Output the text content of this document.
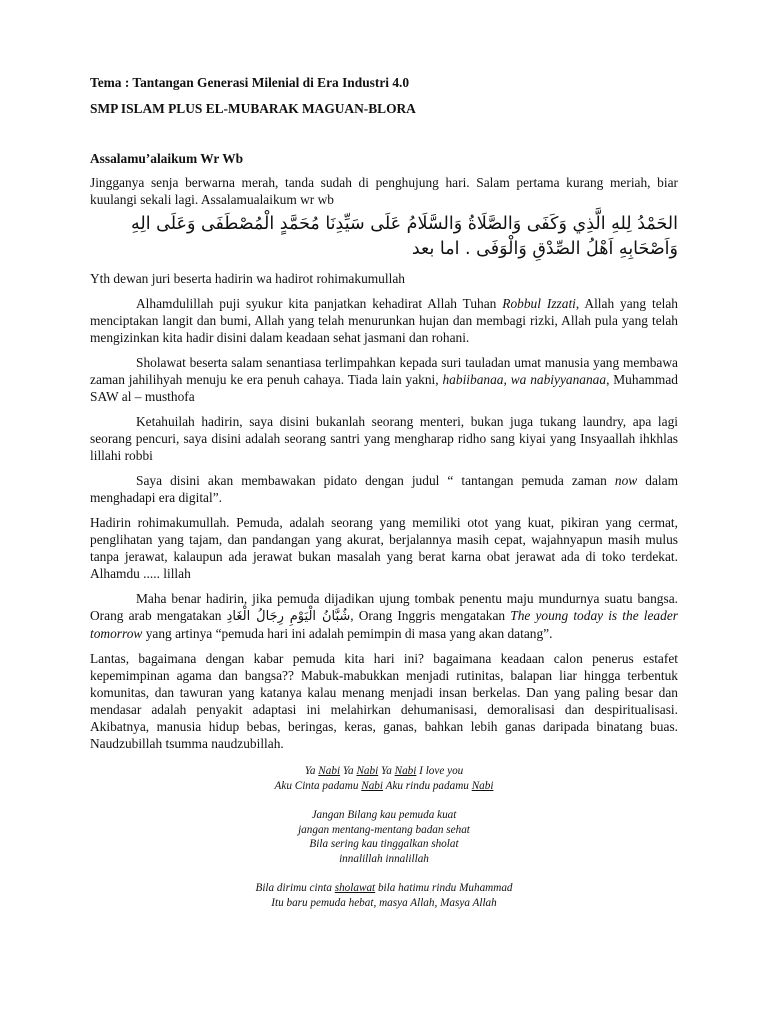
Tema : Tantangan Generasi Milenial di Era Industri 4.0

SMP ISLAM PLUS EL-MUBARAK MAGUAN-BLORA

Assalamu’alaikum Wr Wb

Jingganya senja berwarna merah, tanda sudah di penghujung hari. Salam pertama kurang meriah, biar kuulangi sekali lagi. Assalamualaikum wr wb

الحَمْدُ لِلهِ الَّذِي وَكَفَى وَالصَّلَاةُ وَالسَّلَامُ عَلَى سَيِّدِنَا مُحَمَّدٍ الْمُصْطَفَى وَعَلَى الِهِ وَاَصْحَابِهِ اَهْلُ الصِّدْقِ وَالْوَفَى . اما بعد

Yth dewan juri beserta hadirin wa hadirot rohimakumullah

Alhamdulillah puji syukur kita panjatkan kehadirat Allah Tuhan Robbul Izzati, Allah yang telah menciptakan langit dan bumi, Allah yang telah menurunkan hujan dan membagi rizki, Allah pula yang telah mengizinkan kita hadir disini dalam keadaan sehat jasmani dan rohani.

Sholawat beserta salam senantiasa terlimpahkan kepada suri tauladan umat manusia yang membawa zaman jahilihyah menuju ke era penuh cahaya. Tiada lain yakni, habiibanaa, wa nabiyyananaa, Muhammad SAW al – musthofa

Ketahuilah hadirin, saya disini bukanlah seorang menteri, bukan juga tukang laundry, apa lagi seorang pencuri, saya disini adalah seorang santri yang mengharap ridho sang kiyai yang Insyaallah ihkhlas lillahi robbi

Saya disini akan membawakan pidato dengan judul “ tantangan pemuda zaman now dalam menghadapi era digital”.

Hadirin rohimakumullah. Pemuda, adalah seorang yang memiliki otot yang kuat, pikiran yang cermat, penglihatan yang tajam, dan pandangan yang akurat, berjalannya masih cepat, wajahnyapun masih mulus tanpa jerawat, kalaupun ada jerawat bukan masalah yang berat karna obat jerawat ada di toko terdekat. Alhamdu ..... lillah

Maha benar hadirin, jika pemuda dijadikan ujung tombak penentu maju mundurnya suatu bangsa. Orang arab mengatakan شُبَّانُ الْيَوْمِ رِجَالُ الْغَادِ, Orang Inggris mengatakan The young today is the leader tomorrow yang artinya “pemuda hari ini adalah pemimpin di masa yang akan datang”.

Lantas, bagaimana dengan kabar pemuda kita hari ini? bagaimana keadaan calon penerus estafet kepemimpinan agama dan bangsa?? Mabuk-mabukkan menjadi rutinitas, balapan liar hingga terbentuk komunitas, dan tawuran yang katanya kalau menang menjadi insan berkelas. Dan yang paling besar dan mendasar adalah penyakit adaptasi ini melahirkan dehumanisasi, demoralisasi dan despiritualisasi. Akibatnya, manusia hidup bebas, beringas, keras, ganas, bahkan lebih ganas daripada binatang buas. Naudzubillah tsumma naudzubillah.

Ya Nabi Ya Nabi Ya Nabi I love you
Aku Cinta padamu Nabi Aku rindu padamu Nabi
Jangan Bilang kau pemuda kuat
jangan mentang-mentang badan sehat
Bila sering kau tinggalkan sholat
innalillah innalillah
Bila dirimu cinta sholawat bila hatimu rindu Muhammad
Itu baru pemuda hebat, masya Allah, Masya Allah
